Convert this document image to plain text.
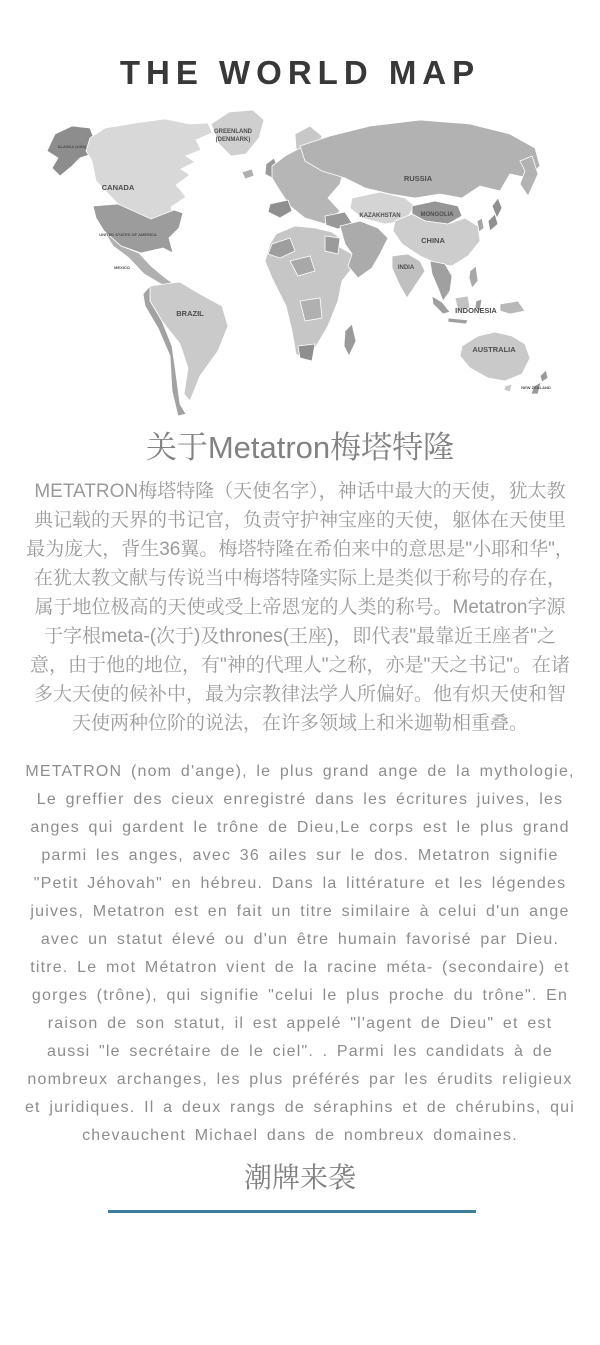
THE WORLD MAP
GREENLAND
(DENMARK)
ALASKA (USA)
CANADA
UNITED STATES OF AMERICA
MEXICO
RUSSIA
KAZAKHSTAN	MONGOLIA
CHINA
INDIA
BRAZIL	INDONESIA
AUSTRALIA
NEW ZEALAND
关于Metatron梅塔特隆

METATRON梅塔特隆（天使名字），神话中最大的天使，犹太教典记载的天界的书记官，负责守护神宝座的天使，躯体在天使里最为庞大，背生36翼。梅塔特隆在希伯来中的意思是"小耶和华"，在犹太教文献与传说当中梅塔特隆实际上是类似于称号的存在，属于地位极高的天使或受上帝恩宠的人类的称号。Metatron字源于字根meta-(次于)及thrones(王座)，即代表"最靠近王座者"之意，由于他的地位，有"神的代理人"之称，亦是"天之书记"。在诸多大天使的候补中，最为宗教律法学人所偏好。他有炽天使和智天使两种位阶的说法，在许多领域上和米迦勒相重叠。

METATRON (nom d'ange), le plus grand ange de la mythologie, Le greffier des cieux enregistré dans les écritures juives, les anges qui gardent le trône de Dieu,Le corps est le plus grand parmi les anges, avec 36 ailes sur le dos. Metatron signifie "Petit Jéhovah" en hébreu. Dans la littérature et les légendes juives, Metatron est en fait un titre similaire à celui d'un ange avec un statut élevé ou d'un être humain favorisé par Dieu. titre. Le mot Métatron vient de la racine méta- (secondaire) et gorges (trône), qui signifie "celui le plus proche du trône". En raison de son statut, il est appelé "l'agent de Dieu" et est aussi "le secrétaire de le ciel". . Parmi les candidats à de nombreux archanges, les plus préférés par les érudits religieux et juridiques. Il a deux rangs de séraphins et de chérubins, qui chevauchent Michael dans de nombreux domaines.

潮牌来袭
